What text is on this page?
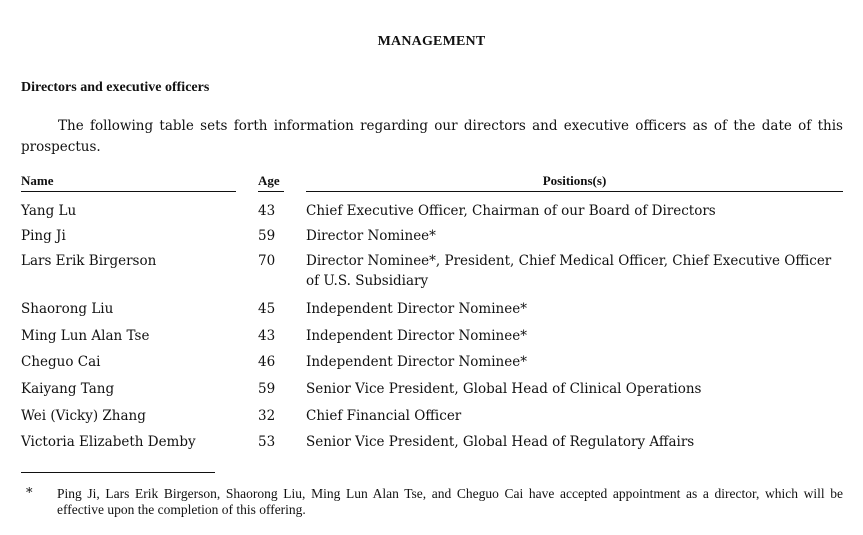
MANAGEMENT
Directors and executive officers
The following table sets forth information regarding our directors and executive officers as of the date of this prospectus.
Name	Age	Positions(s)
Yang Lu	43 Chief Executive Officer, Chairman of our Board of Directors
Ping Ji	59 Director Nominee*
Lars Erik Birgerson	70 Director Nominee*, President, Chief Medical Officer, Chief Executive Officer of U.S. Subsidiary
Shaorong Liu	45 Independent Director Nominee*
Ming Lun Alan Tse	43 Independent Director Nominee*
Cheguo Cai	46 Independent Director Nominee*
Kaiyang Tang	59 Senior Vice President, Global Head of Clinical Operations
Wei (Vicky) Zhang	32 Chief Financial Officer
Victoria Elizabeth Demby	53 Senior Vice President, Global Head of Regulatory Affairs
* Ping Ji, Lars Erik Birgerson, Shaorong Liu, Ming Lun Alan Tse, and Cheguo Cai have accepted appointment as a director, which will be effective upon the completion of this offering.
